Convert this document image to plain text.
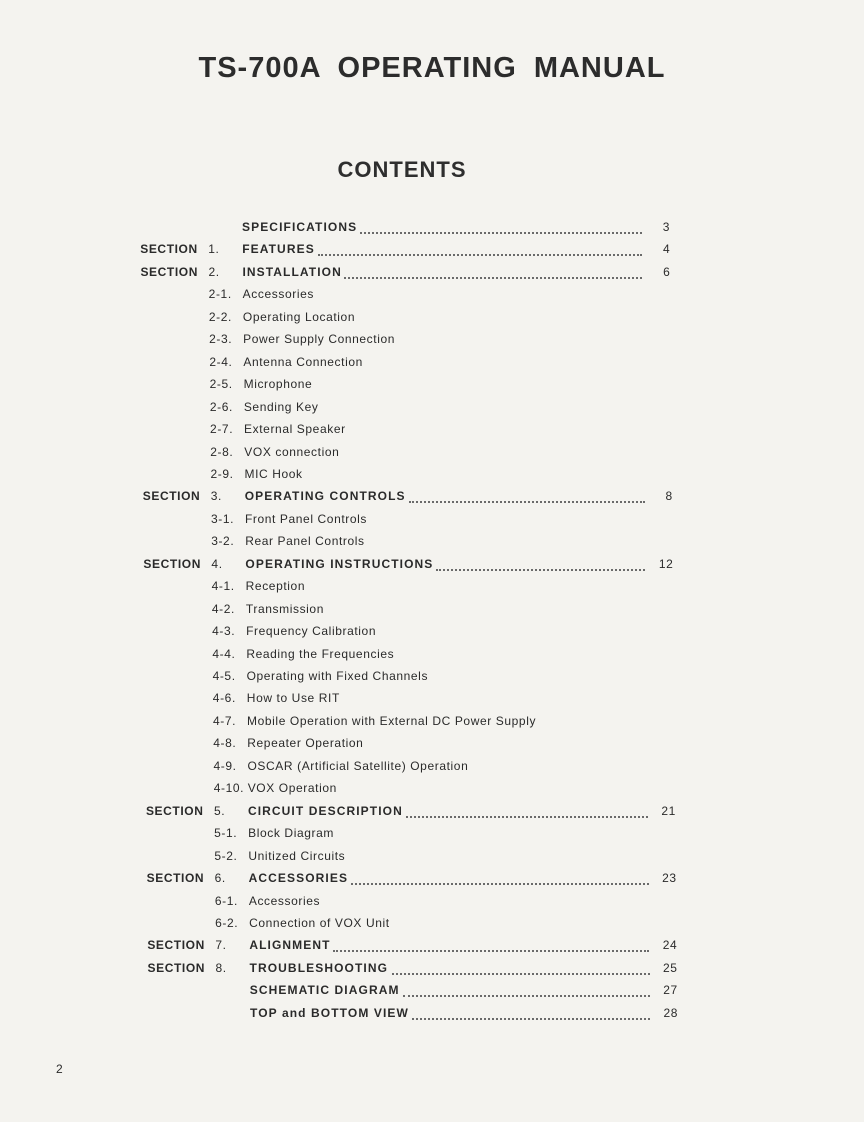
TS-700A OPERATING MANUAL
CONTENTS
SPECIFICATIONS	3
SECTION 1. FEATURES	4
SECTION 2. INSTALLATION	6
2-1. Accessories
2-2. Operating Location
2-3. Power Supply Connection
2-4. Antenna Connection
2-5. Microphone
2-6. Sending Key
2-7. External Speaker
2-8. VOX connection
2-9. MIC Hook
SECTION 3. OPERATING CONTROLS	8
3-1. Front Panel Controls
3-2. Rear Panel Controls
SECTION 4. OPERATING INSTRUCTIONS	12
4-1. Reception
4-2. Transmission
4-3. Frequency Calibration
4-4. Reading the Frequencies
4-5. Operating with Fixed Channels
4-6. How to Use RIT
4-7. Mobile Operation with External DC Power Supply
4-8. Repeater Operation
4-9. OSCAR (Artificial Satellite) Operation
4-10. VOX Operation
SECTION 5. CIRCUIT DESCRIPTION	21
5-1. Block Diagram
5-2. Unitized Circuits
SECTION 6. ACCESSORIES	23
6-1. Accessories
6-2. Connection of VOX Unit
SECTION 7. ALIGNMENT	24
SECTION 8. TROUBLESHOOTING	25
SCHEMATIC DIAGRAM	27
TOP and BOTTOM VIEW	28
2
